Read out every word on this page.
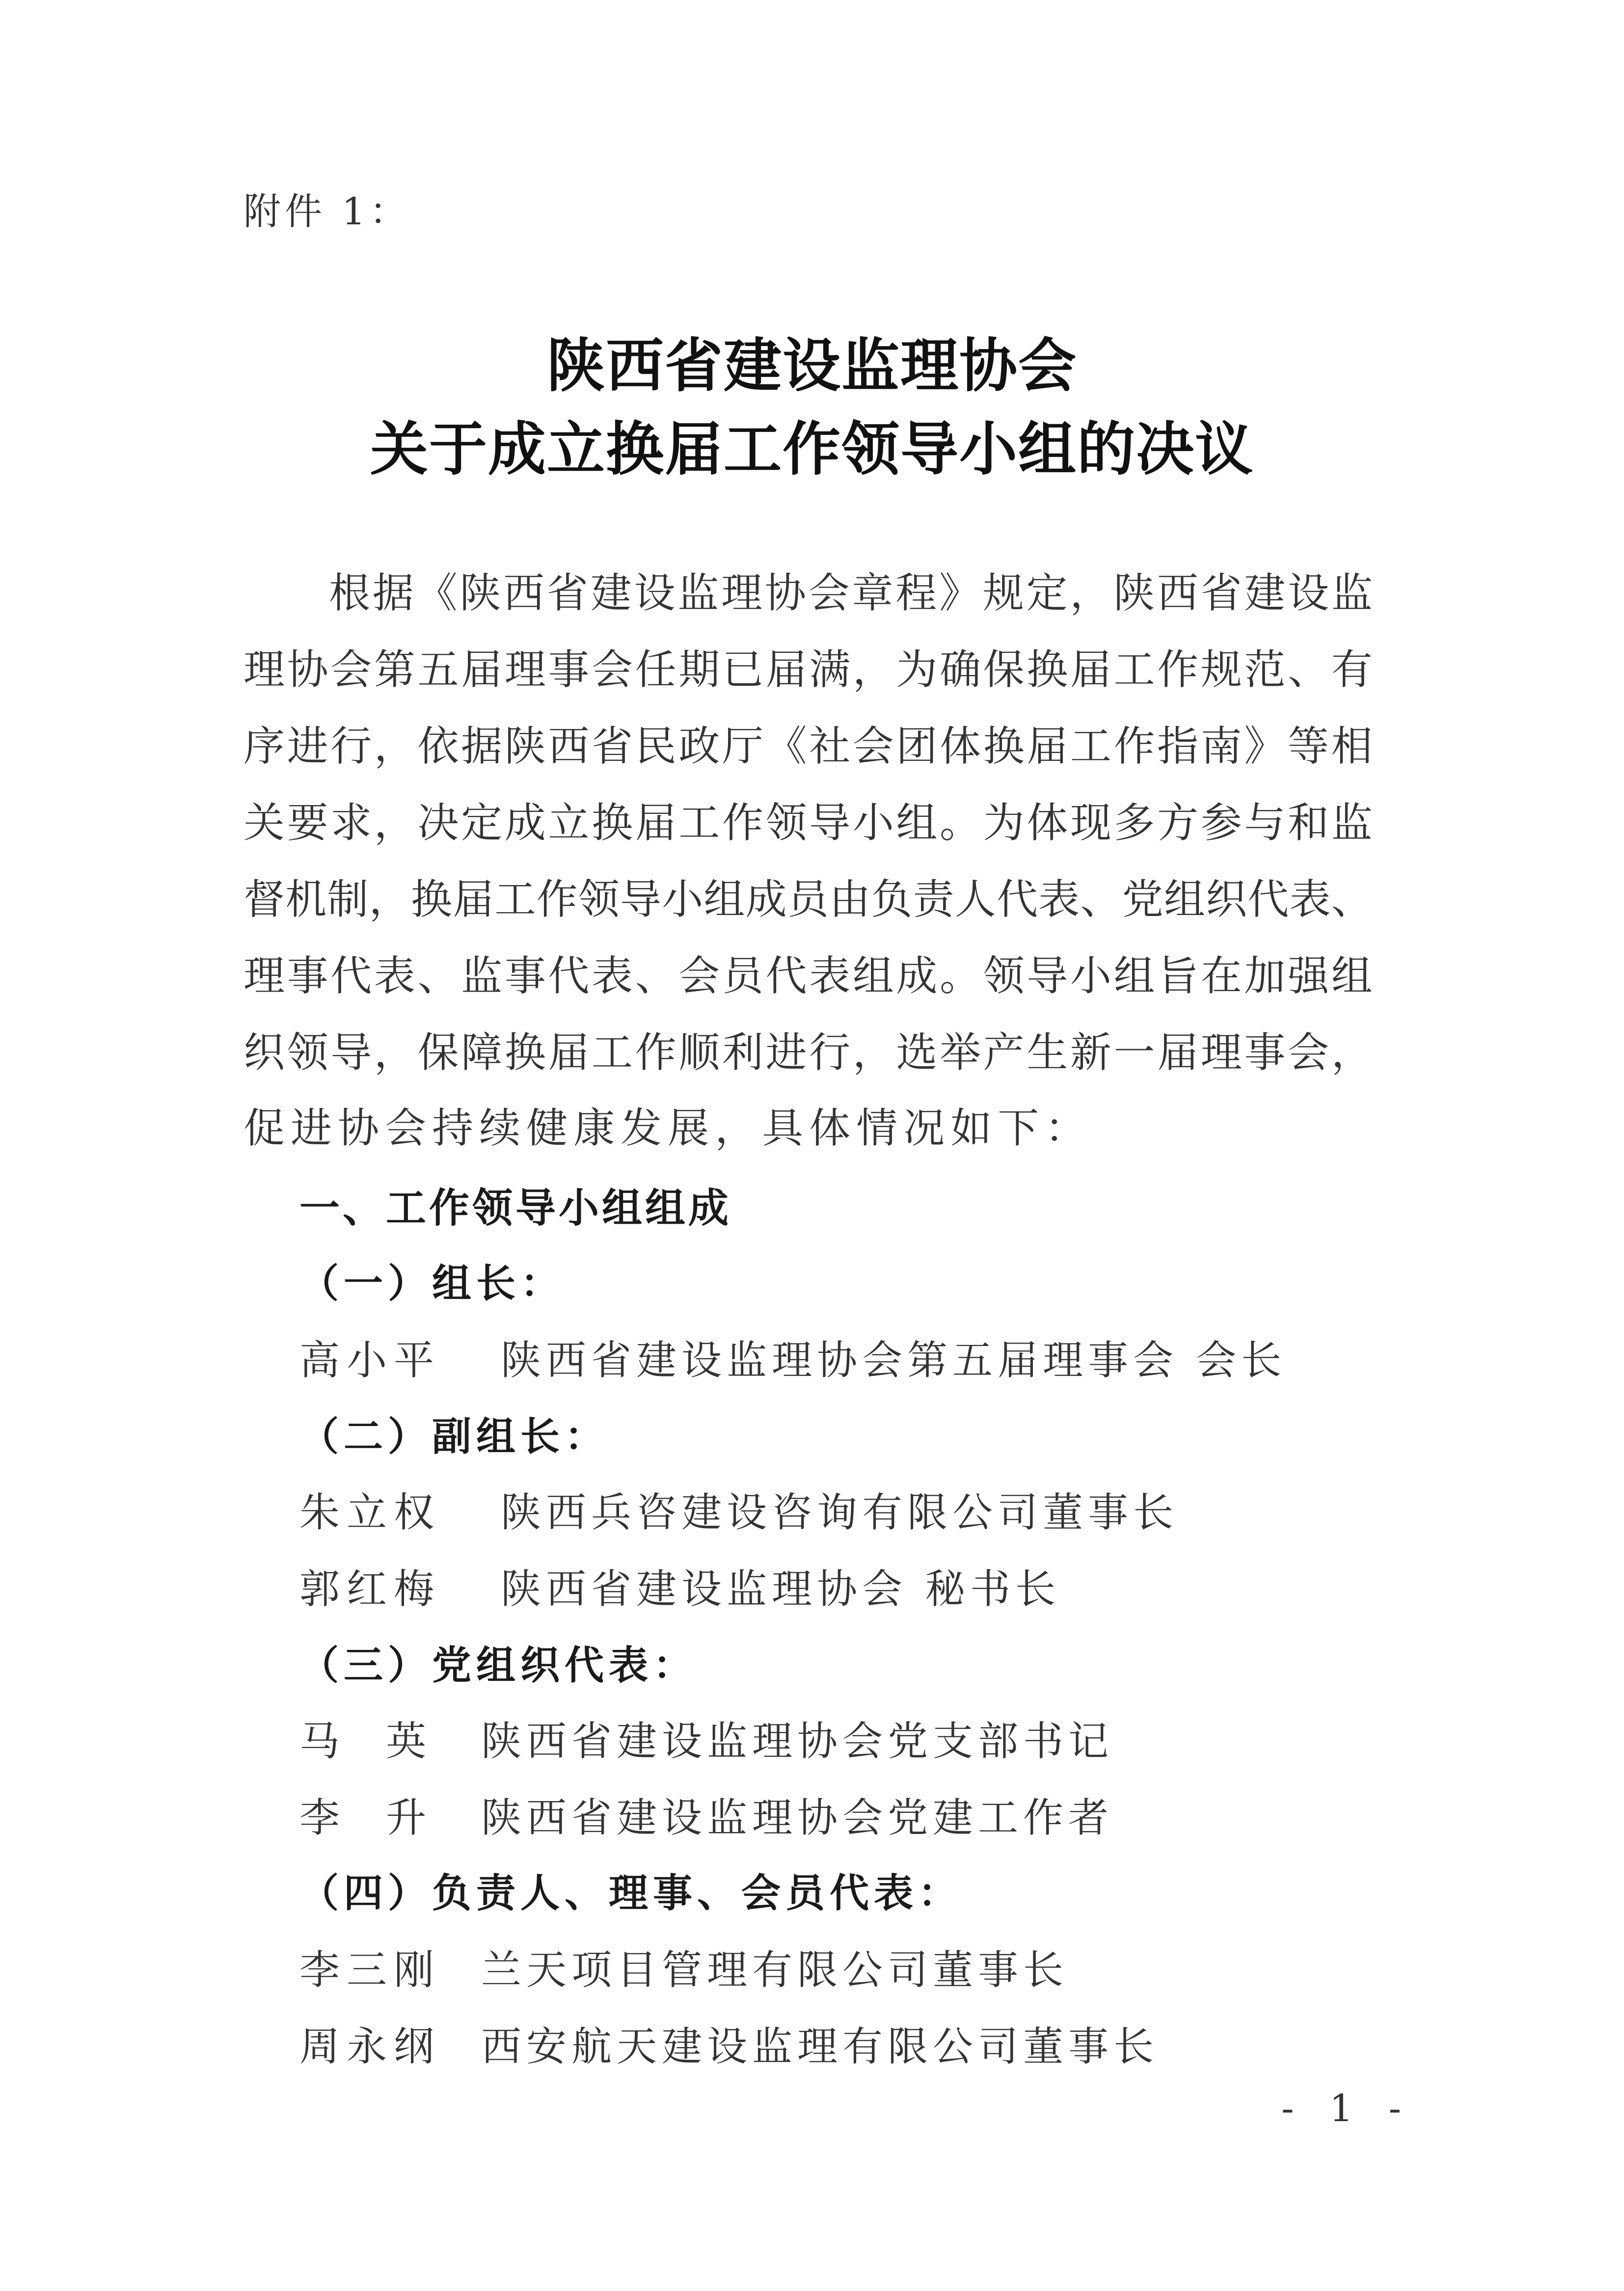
附件 1：
陕西省建设监理协会
关于成立换届工作领导小组的决议
根 据 《 陕 西 省 建 设 监 理 协 会 章 程 》 规 定 ， 陕 西 省 建 设 监
理 协 会 第 五 届 理 事 会 任 期 已 届 满 ， 为 确 保 换 届 工 作 规 范 、 有
序 进 行 ， 依 据 陕 西 省 民 政 厅 《 社 会 团 体 换 届 工 作 指 南 》 等 相
关 要 求 ， 决 定 成 立 换 届 工 作 领 导 小 组 。 为 体 现 多 方 参 与 和 监
督 机 制 ， 换 届 工 作 领 导 小 组 成 员 由 负 责 人 代 表 、 党 组 织 代 表 、
理 事 代 表 、 监 事 代 表 、 会 员 代 表 组 成 。 领 导 小 组 旨 在 加 强 组
织 领 导 ， 保 障 换 届 工 作 顺 利 进 行 ， 选 举 产 生 新 一 届 理 事 会 ，
促 进 协 会 持 续 健 康 发 展 ， 具 体 情 况 如 下 ：
一、工作领导小组组成
（一）组长：
高小平 陕西省建设监理协会第五届理事会 会长
（二）副组长：
朱立权 陕西兵咨建设咨询有限公司董事长
郭红梅 陕西省建设监理协会 秘书长
（三）党组织代表：
马  英 陕西省建设监理协会党支部书记
李  升 陕西省建设监理协会党建工作者
（四）负责人、理事、会员代表：
李三刚 兰天项目管理有限公司董事长
周永纲 西安航天建设监理有限公司董事长
- 1 -
